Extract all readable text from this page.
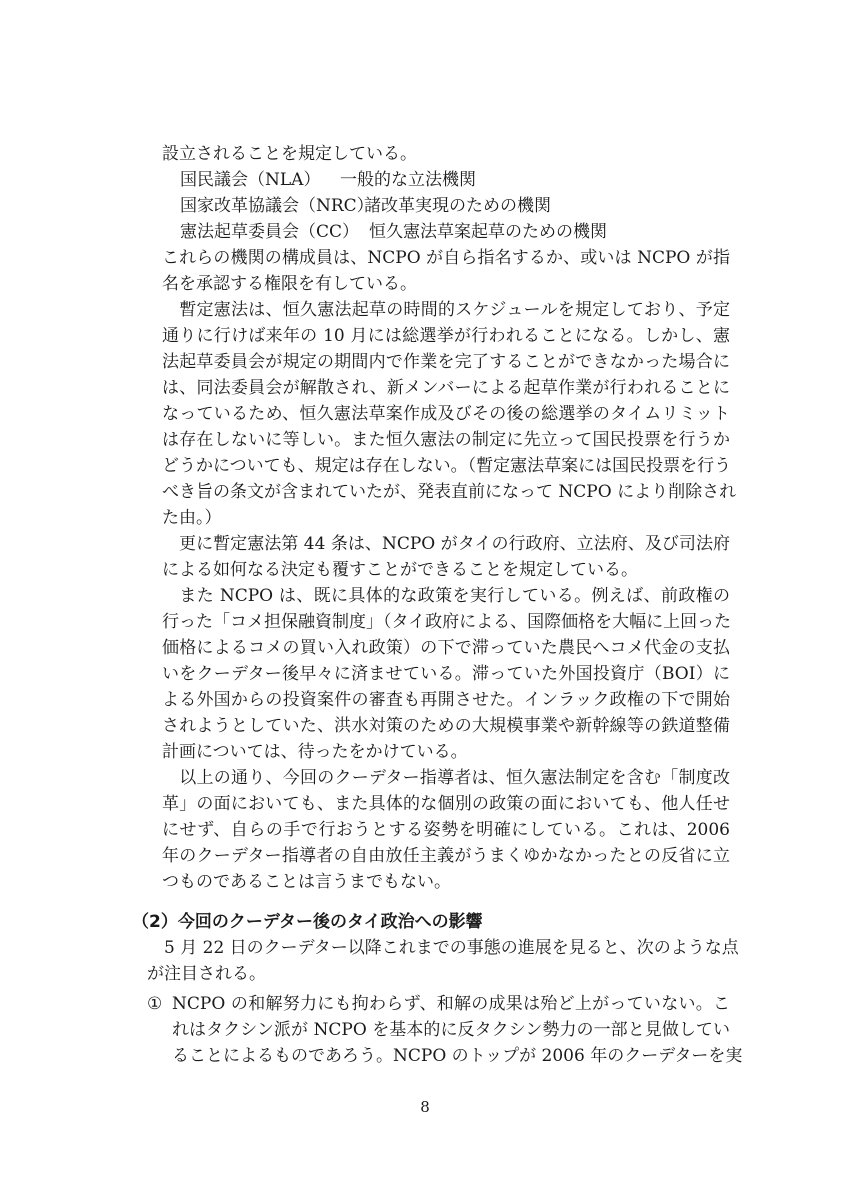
設立されることを規定している。
国民議会（NLA） 一般的な立法機関
国家改革協議会（NRC）
諸改革実現のための機関
憲法起草委員会（CC） 恒久憲法草案起草のための機関
これらの機関の構成員は、NCPO が自ら指名するか、或いは NCPO が指
名を承認する権限を有している。
　暫定憲法は、恒久憲法起草の時間的スケジュールを規定しており、予定
通りに行けば来年の 10 月には総選挙が行われることになる。しかし、憲
法起草委員会が規定の期間内で作業を完了することができなかった場合に
は、同法委員会が解散され、新メンバーによる起草作業が行われることに
なっているため、恒久憲法草案作成及びその後の総選挙のタイムリミット
は存在しないに等しい。また恒久憲法の制定に先立って国民投票を行うか
どうかについても、規定は存在しない。（暫定憲法草案には国民投票を行う
べき旨の条文が含まれていたが、発表直前になって NCPO により削除され
た由。）
　更に暫定憲法第 44 条は、NCPO がタイの行政府、立法府、及び司法府
による如何なる決定も覆すことができることを規定している。
　また NCPO は、既に具体的な政策を実行している。例えば、前政権の
行った「コメ担保融資制度」（タイ政府による、国際価格を大幅に上回った
価格によるコメの買い入れ政策）の下で滞っていた農民へコメ代金の支払
いをクーデター後早々に済ませている。滞っていた外国投資庁（BOI）に
よる外国からの投資案件の審査も再開させた。インラック政権の下で開始
されようとしていた、洪水対策のための大規模事業や新幹線等の鉄道整備
計画については、待ったをかけている。
　以上の通り、今回のクーデター指導者は、恒久憲法制定を含む「制度改
革」の面においても、また具体的な個別の政策の面においても、他人任せ
にせず、自らの手で行おうとする姿勢を明確にしている。これは、2006
年のクーデター指導者の自由放任主義がうまくゆかなかったとの反省に立
つものであることは言うまでもない。
（2）今回のクーデター後のタイ政治への影響
　5 月 22 日のクーデター以降これまでの事態の進展を見ると、次のような点
が注目される。
① NCPO の和解努力にも拘わらず、和解の成果は殆ど上がっていない。こ
れはタクシン派が NCPO を基本的に反タクシン勢力の一部と見做してい
ることによるものであろう。NCPO のトップが 2006 年のクーデターを実
8
